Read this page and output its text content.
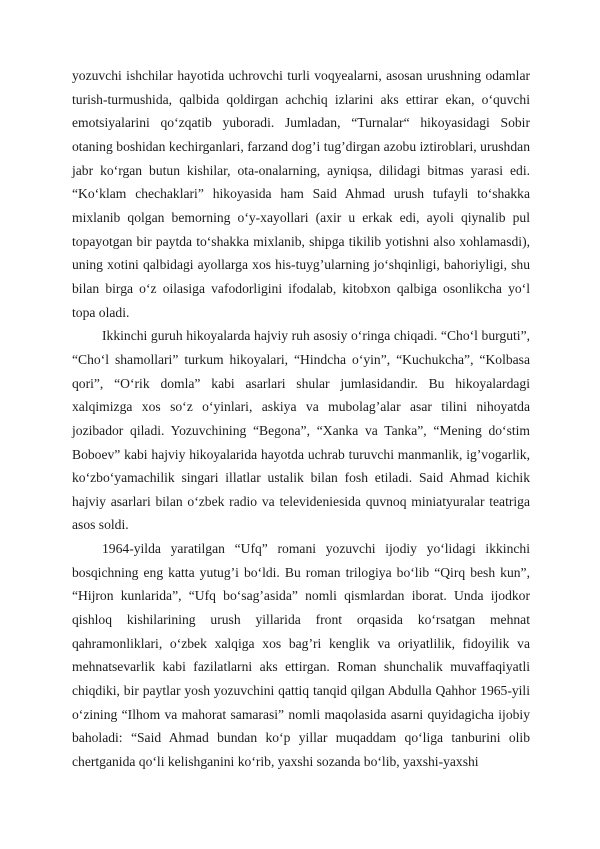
yozuvchi ishchilar hayotida uchrovchi turli voqyealarni, asosan urushning odamlar turish-turmushida, qalbida qoldirgan achchiq izlarini aks ettirar ekan, o‘quvchi emotsiyalarini qo‘zqatib yuboradi. Jumladan, “Turnalar“ hikoyasidagi Sobir otaning boshidan kechirganlari, farzand dog’i tug’dirgan azobu iztiroblari, urushdan jabr ko‘rgan butun kishilar, ota-onalarning, ayniqsa, dilidagi bitmas yarasi edi. “Ko‘klam chechaklari” hikoyasida ham Said Ahmad urush tufayli to‘shakka mixlanib qolgan bemorning o‘y-xayollari (axir u erkak edi, ayoli qiynalib pul topayotgan bir paytda to‘shakka mixlanib, shipga tikilib yotishni also xohlamasdi), uning xotini qalbidagi ayollarga xos his-tuyg’ularning jo‘shqinligi, bahoriyligi, shu bilan birga o‘z oilasiga vafodorligini ifodalab, kitobxon qalbiga osonlikcha yo‘l topa oladi.

Ikkinchi guruh hikoyalarda hajviy ruh asosiy o‘ringa chiqadi. “Cho‘l burguti”, “Cho‘l shamollari” turkum hikoyalari, “Hindcha o‘yin”, “Kuchukcha”, “Kolbasa qori”, “O‘rik domla” kabi asarlari shular jumlasidandir. Bu hikoyalardagi xalqimizga xos so‘z o‘yinlari, askiya va mubolag’alar asar tilini nihoyatda jozibador qiladi. Yozuvchining “Begona”, “Xanka va Tanka”, “Mening do‘stim Boboev” kabi hajviy hikoyalarida hayotda uchrab turuvchi manmanlik, ig’vogarlik, ko‘zbo‘yamachilik singari illatlar ustalik bilan fosh etiladi. Said Ahmad kichik hajviy asarlari bilan o‘zbek radio va televideniesida quvnoq miniatyuralar teatriga asos soldi.

1964-yilda yaratilgan “Ufq” romani yozuvchi ijodiy yo‘lidagi ikkinchi bosqichning eng katta yutug’i bo‘ldi. Bu roman trilogiya bo‘lib “Qirq besh kun”, “Hijron kunlarida”, “Ufq bo‘sag’asida” nomli qismlardan iborat. Unda ijodkor qishloq kishilarining urush yillarida front orqasida ko‘rsatgan mehnat qahramonliklari, o‘zbek xalqiga xos bag’ri kenglik va oriyatlilik, fidoyilik va mehnatsevarlik kabi fazilatlarni aks ettirgan. Roman shunchalik muvaffaqiyatli chiqdiki, bir paytlar yosh yozuvchini qattiq tanqid qilgan Abdulla Qahhor 1965-yili o‘zining “Ilhom va mahorat samarasi” nomli maqolasida asarni quyidagicha ijobiy baholadi: “Said Ahmad bundan ko‘p yillar muqaddam qo‘liga tanburini olib chertganida qo‘li kelishganini ko‘rib, yaxshi sozanda bo‘lib, yaxshi-yaxshi
